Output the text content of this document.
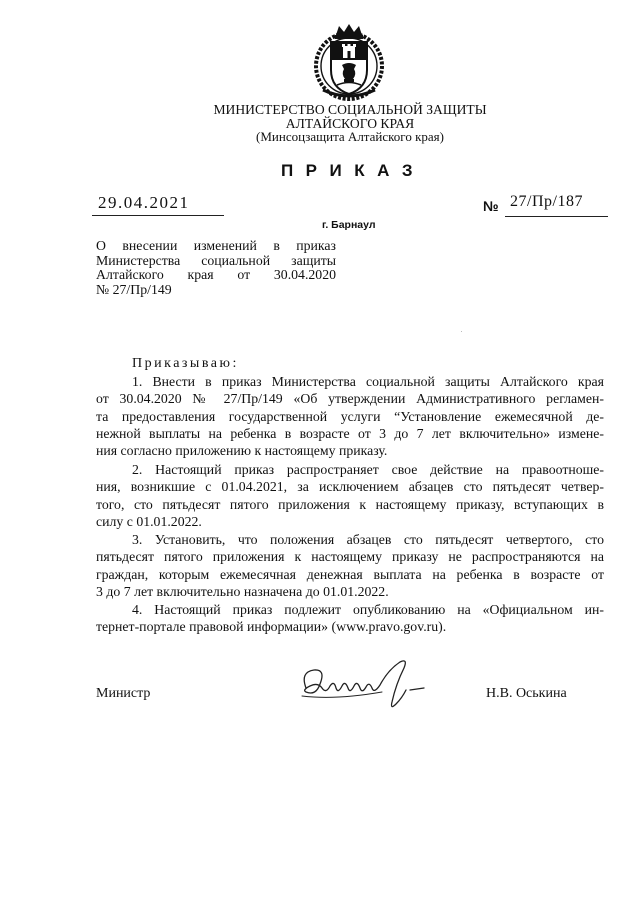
МИНИСТЕРСТВО СОЦИАЛЬНОЙ ЗАЩИТЫ
АЛТАЙСКОГО КРАЯ
(Минсоцзащита Алтайского края)
ПРИКАЗ
29.04.2021	№ 27/Пр/187
г. Барнаул
О внесении изменений в приказ
Министерства социальной защиты
Алтайского края от 30.04.2020
№ 27/Пр/149
Приказываю:
1. Внести в приказ Министерства социальной защиты Алтайского края
от 30.04.2020 № 27/Пр/149 «Об утверждении Административного регламен-
та предоставления государственной услуги “Установление ежемесячной де-
нежной выплаты на ребенка в возрасте от 3 до 7 лет включительно» измене-
ния согласно приложению к настоящему приказу.
2. Настоящий приказ распространяет свое действие на правоотноше-
ния, возникшие с 01.04.2021, за исключением абзацев сто пятьдесят четвер-
того, сто пятьдесят пятого приложения к настоящему приказу, вступающих в
силу с 01.01.2022.
3. Установить, что положения абзацев сто пятьдесят четвертого, сто
пятьдесят пятого приложения к настоящему приказу не распространяются на
граждан, которым ежемесячная денежная выплата на ребенка в возрасте от
3 до 7 лет включительно назначена до 01.01.2022.
4. Настоящий приказ подлежит опубликованию на «Официальном ин-
тернет-портале правовой информации» (www.pravo.gov.ru).
Министр	Н.В. Оськина
